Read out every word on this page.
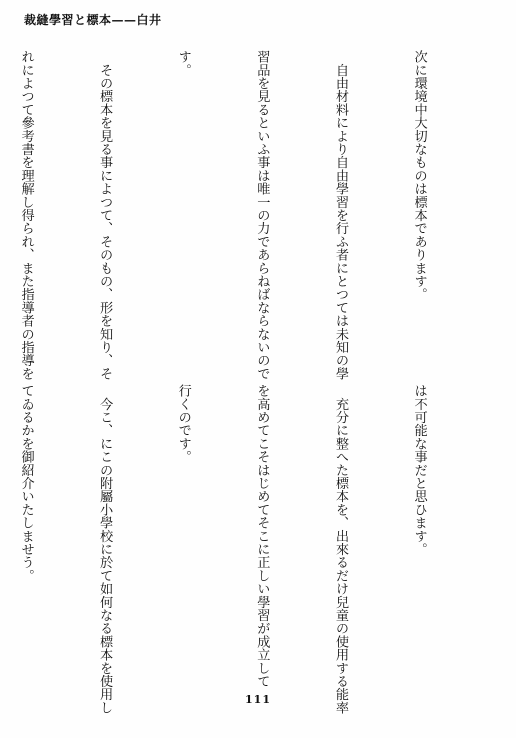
裁縫學習と標本——白井

次に環境中大切なものは標本であります。

　自由材料により自由學習を行ふ者にとつては未知の學

習品を見るといふ事は唯一の力であらねばならないので

す。

　その標本を見る事によつて、そのもの、形を知り、そ

れによつて參考書を理解し得られ、また指導者の指導を

は不可能な事だと思ひます。

　充分に整へた標本を、出來るだけ兒童の使用する能率

を高めてこそはじめてそこに正しい學習が成立して

行くのです。

　今こ、にこの附屬小學校に於て如何なる標本を使用し

てゐるかを御紹介いたしませう。

111
